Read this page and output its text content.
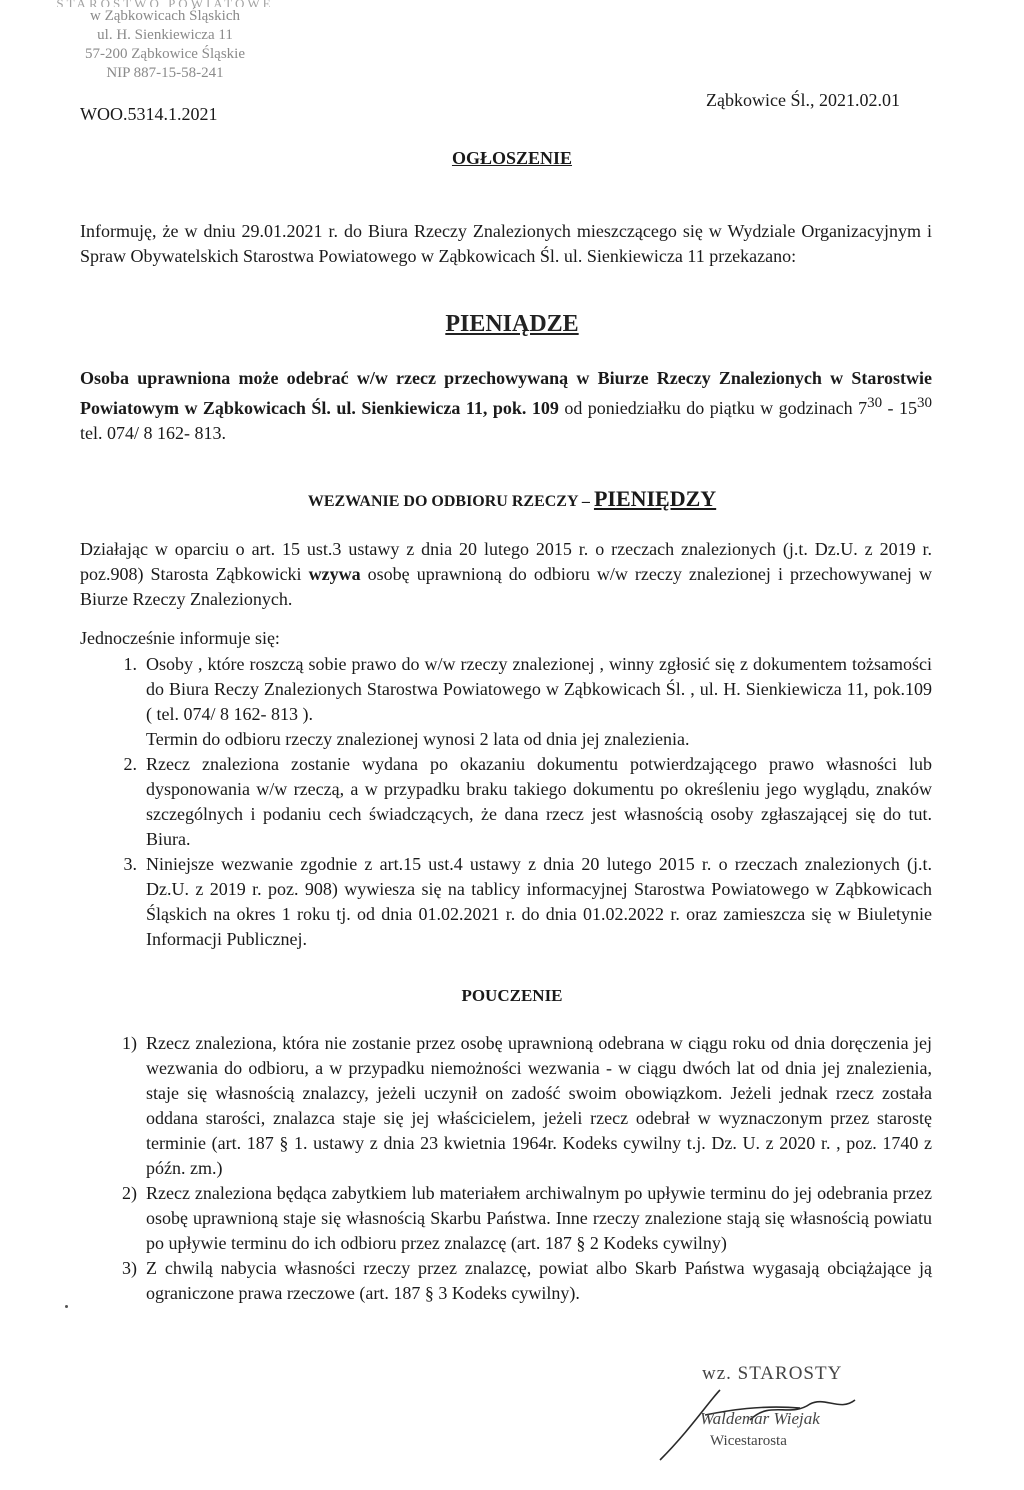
w Ząbkowicach Śląskich
ul. H. Sienkiewicza 11
57-200 Ząbkowice Śląskie
NIP 887-15-58-241
Ząbkowice Śl., 2021.02.01
WOO.5314.1.2021
OGŁOSZENIE
Informuję, że w dniu 29.01.2021 r. do Biura Rzeczy Znalezionych mieszczącego się w Wydziale Organizacyjnym i Spraw Obywatelskich Starostwa Powiatowego w Ząbkowicach Śl. ul. Sienkiewicza 11 przekazano:
PIENIĄDZE
Osoba uprawniona może odebrać w/w rzecz przechowywaną w Biurze Rzeczy Znalezionych w Starostwie Powiatowym w Ząbkowicach Śl. ul. Sienkiewicza 11, pok. 109 od poniedziałku do piątku w godzinach $7^{30} - 15^{30}$ tel. 074/ 8 162- 813.
WEZWANIE DO ODBIORU RZECZY – PIENIĘDZY
Działając w oparciu o art. 15 ust.3 ustawy z dnia 20 lutego 2015 r. o rzeczach znalezionych (j.t. Dz.U. z 2019 r. poz.908) Starosta Ząbkowicki wzywa osobę uprawnioną do odbioru w/w rzeczy znalezionej i przechowywanej w Biurze Rzeczy Znalezionych.
Jednocześnie informuje się:
1. Osoby , które roszczą sobie prawo do w/w rzeczy znalezionej , winny zgłosić się z dokumentem tożsamości do Biura Reczy Znalezionych Starostwa Powiatowego w Ząbkowicach Śl. , ul. H. Sienkiewicza 11, pok.109 ( tel. 074/ 8 162- 813 ).
Termin do odbioru rzeczy znalezionej wynosi 2 lata od dnia jej znalezienia.
2. Rzecz znaleziona zostanie wydana po okazaniu dokumentu potwierdzającego prawo własności lub dysponowania w/w rzeczą, a w przypadku braku takiego dokumentu po określeniu jego wyglądu, znaków szczególnych i podaniu cech świadczących, że dana rzecz jest własnością osoby zgłaszającej się do tut. Biura.
3. Niniejsze wezwanie zgodnie z art.15 ust.4 ustawy z dnia 20 lutego 2015 r. o rzeczach znalezionych (j.t. Dz.U. z 2019 r. poz. 908) wywiesza się na tablicy informacyjnej Starostwa Powiatowego w Ząbkowicach Śląskich na okres 1 roku tj. od dnia 01.02.2021 r. do dnia 01.02.2022 r. oraz zamieszcza się w Biuletynie Informacji Publicznej.
POUCZENIE
1) Rzecz znaleziona, która nie zostanie przez osobę uprawnioną odebrana w ciągu roku od dnia doręczenia jej wezwania do odbioru, a w przypadku niemożności wezwania - w ciągu dwóch lat od dnia jej znalezienia, staje się własnością znalazcy, jeżeli uczynił on zadość swoim obowiązkom. Jeżeli jednak rzecz została oddana starości, znalazca staje się jej właścicielem, jeżeli rzecz odebrał w wyznaczonym przez starostę terminie (art. 187 § 1. ustawy z dnia 23 kwietnia 1964r. Kodeks cywilny t.j. Dz. U. z 2020 r. , poz. 1740 z późn. zm.)
2) Rzecz znaleziona będąca zabytkiem lub materiałem archiwalnym po upływie terminu do jej odebrania przez osobę uprawnioną staje się własnością Skarbu Państwa. Inne rzeczy znalezione stają się własnością powiatu po upływie terminu do ich odbioru przez znalazcę (art. 187 § 2 Kodeks cywilny)
3) Z chwilą nabycia własności rzeczy przez znalazcę, powiat albo Skarb Państwa wygasają obciążające ją ograniczone prawa rzeczowe (art. 187 § 3 Kodeks cywilny).
wz. STAROSTY
Waldemar Wiejak
Wicestarosta
